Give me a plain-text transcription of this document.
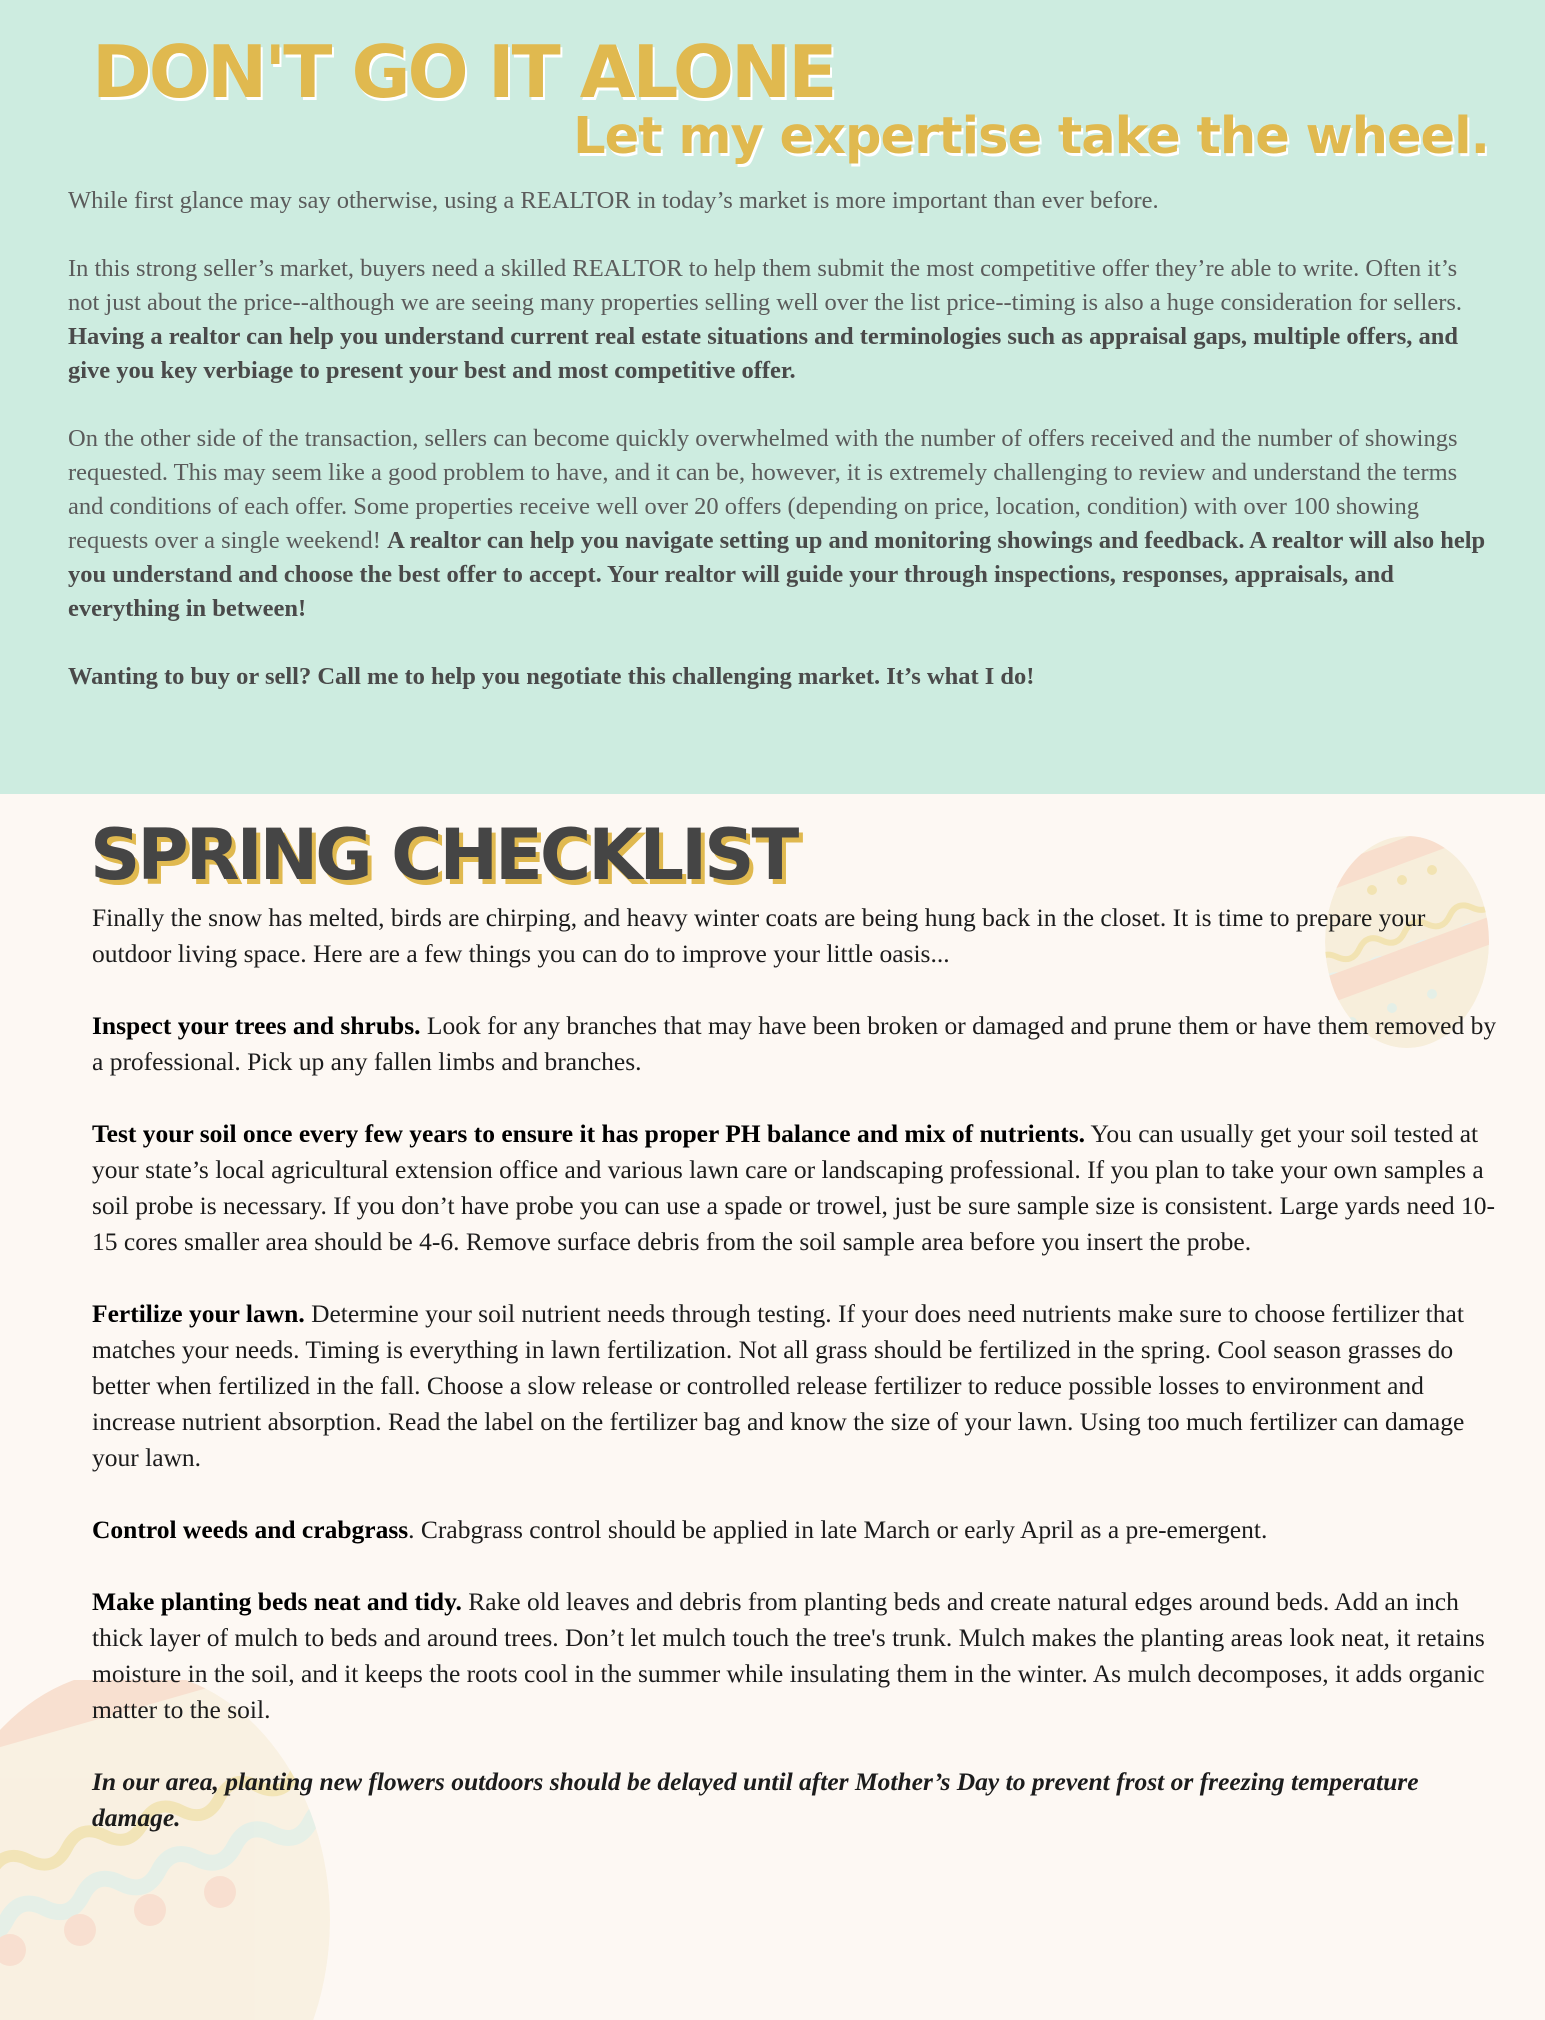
DON'T GO IT ALONE
Let my expertise take the wheel.

While first glance may say otherwise, using a REALTOR in today’s market is more important than ever before.

In this strong seller’s market, buyers need a skilled REALTOR to help them submit the most competitive offer they’re able to write. Often it’s not just about the price--although we are seeing many properties selling well over the list price--timing is also a huge consideration for sellers. Having a realtor can help you understand current real estate situations and terminologies such as appraisal gaps, multiple offers, and give you key verbiage to present your best and most competitive offer.

On the other side of the transaction, sellers can become quickly overwhelmed with the number of offers received and the number of showings requested. This may seem like a good problem to have, and it can be, however, it is extremely challenging to review and understand the terms and conditions of each offer. Some properties receive well over 20 offers (depending on price, location, condition) with over 100 showing requests over a single weekend! A realtor can help you navigate setting up and monitoring showings and feedback. A realtor will also help you understand and choose the best offer to accept. Your realtor will guide your through inspections, responses, appraisals, and everything in between!

Wanting to buy or sell? Call me to help you negotiate this challenging market. It’s what I do!

SPRING CHECKLIST

Finally the snow has melted, birds are chirping, and heavy winter coats are being hung back in the closet. It is time to prepare your outdoor living space. Here are a few things you can do to improve your little oasis...

Inspect your trees and shrubs. Look for any branches that may have been broken or damaged and prune them or have them removed by a professional. Pick up any fallen limbs and branches.

Test your soil once every few years to ensure it has proper PH balance and mix of nutrients. You can usually get your soil tested at your state’s local agricultural extension office and various lawn care or landscaping professional. If you plan to take your own samples a soil probe is necessary. If you don’t have probe you can use a spade or trowel, just be sure sample size is consistent. Large yards need 10-15 cores smaller area should be 4-6. Remove surface debris from the soil sample area before you insert the probe.

Fertilize your lawn. Determine your soil nutrient needs through testing. If your does need nutrients make sure to choose fertilizer that matches your needs. Timing is everything in lawn fertilization. Not all grass should be fertilized in the spring. Cool season grasses do better when fertilized in the fall. Choose a slow release or controlled release fertilizer to reduce possible losses to environment and increase nutrient absorption. Read the label on the fertilizer bag and know the size of your lawn. Using too much fertilizer can damage your lawn.

Control weeds and crabgrass. Crabgrass control should be applied in late March or early April as a pre-emergent.

Make planting beds neat and tidy. Rake old leaves and debris from planting beds and create natural edges around beds. Add an inch thick layer of mulch to beds and around trees. Don’t let mulch touch the tree's trunk. Mulch makes the planting areas look neat, it retains moisture in the soil, and it keeps the roots cool in the summer while insulating them in the winter. As mulch decomposes, it adds organic matter to the soil.

In our area, planting new flowers outdoors should be delayed until after Mother’s Day to prevent frost or freezing temperature damage.
